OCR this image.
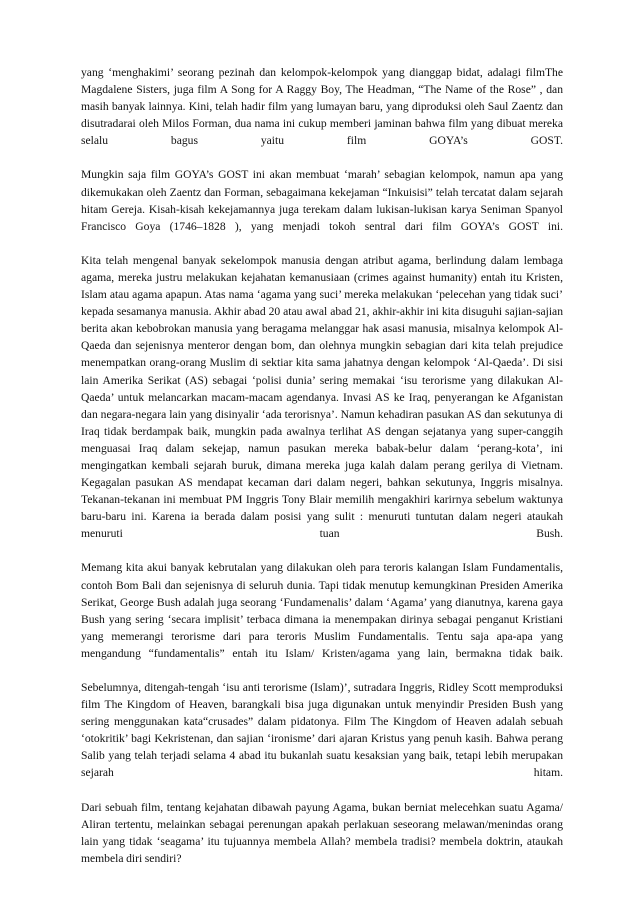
yang ‘menghakimi’ seorang pezinah dan kelompok-kelompok yang dianggap bidat, adalagi filmThe Magdalene Sisters, juga film A Song for A Raggy Boy, The Headman, “The Name of the Rose” , dan masih banyak lainnya. Kini, telah hadir film yang lumayan baru, yang diproduksi oleh Saul Zaentz dan disutradarai oleh Milos Forman, dua nama ini cukup memberi jaminan bahwa film yang dibuat mereka selalu bagus yaitu film GOYA’s GOST.

Mungkin saja film GOYA’s GOST ini akan membuat ‘marah’ sebagian kelompok, namun apa yang dikemukakan oleh Zaentz dan Forman, sebagaimana kekejaman “Inkuisisi” telah tercatat dalam sejarah hitam Gereja. Kisah-kisah kekejamannya juga terekam dalam lukisan-lukisan karya Seniman Spanyol Francisco Goya (1746–1828 ), yang menjadi tokoh sentral dari film GOYA’s GOST ini.

Kita telah mengenal banyak sekelompok manusia dengan atribut agama, berlindung dalam lembaga agama, mereka justru melakukan kejahatan kemanusiaan (crimes against humanity) entah itu Kristen, Islam atau agama apapun. Atas nama ‘agama yang suci’ mereka melakukan ‘pelecehan yang tidak suci’ kepada sesamanya manusia. Akhir abad 20 atau awal abad 21, akhir-akhir ini kita disuguhi sajian-sajian berita akan kebobrokan manusia yang beragama melanggar hak asasi manusia, misalnya kelompok Al-Qaeda dan sejenisnya menteror dengan bom, dan olehnya mungkin sebagian dari kita telah prejudice menempatkan orang-orang Muslim di sektiar kita sama jahatnya dengan kelompok ‘Al-Qaeda’. Di sisi lain Amerika Serikat (AS) sebagai ‘polisi dunia’ sering memakai ‘isu terorisme yang dilakukan Al-Qaeda’ untuk melancarkan macam-macam agendanya. Invasi AS ke Iraq, penyerangan ke Afganistan dan negara-negara lain yang disinyalir ‘ada terorisnya’. Namun kehadiran pasukan AS dan sekutunya di Iraq tidak berdampak baik, mungkin pada awalnya terlihat AS dengan sejatanya yang super-canggih menguasai Iraq dalam sekejap, namun pasukan mereka babak-belur dalam ‘perang-kota’, ini mengingatkan kembali sejarah buruk, dimana mereka juga kalah dalam perang gerilya di Vietnam. Kegagalan pasukan AS mendapat kecaman dari dalam negeri, bahkan sekutunya, Inggris misalnya. Tekanan-tekanan ini membuat PM Inggris Tony Blair memilih mengakhiri karirnya sebelum waktunya baru-baru ini. Karena ia berada dalam posisi yang sulit : menuruti tuntutan dalam negeri ataukah menuruti tuan Bush.

Memang kita akui banyak kebrutalan yang dilakukan oleh para teroris kalangan Islam Fundamentalis, contoh Bom Bali dan sejenisnya di seluruh dunia. Tapi tidak menutup kemungkinan Presiden Amerika Serikat, George Bush adalah juga seorang ‘Fundamenalis’ dalam ‘Agama’ yang dianutnya, karena gaya Bush yang sering ‘secara implisit’ terbaca dimana ia menempakan dirinya sebagai penganut Kristiani yang memerangi terorisme dari para teroris Muslim Fundamentalis. Tentu saja apa-apa yang mengandung “fundamentalis” entah itu Islam/ Kristen/agama yang lain, bermakna tidak baik.

Sebelumnya, ditengah-tengah ‘isu anti terorisme (Islam)’, sutradara Inggris, Ridley Scott memproduksi film The Kingdom of Heaven, barangkali bisa juga digunakan untuk menyindir Presiden Bush yang sering menggunakan kata“crusades” dalam pidatonya. Film The Kingdom of Heaven adalah sebuah ‘otokritik’ bagi Kekristenan, dan sajian ‘ironisme’ dari ajaran Kristus yang penuh kasih. Bahwa perang Salib yang telah terjadi selama 4 abad itu bukanlah suatu kesaksian yang baik, tetapi lebih merupakan sejarah hitam.

Dari sebuah film, tentang kejahatan dibawah payung Agama, bukan berniat melecehkan suatu Agama/ Aliran tertentu, melainkan sebagai perenungan apakah perlakuan seseorang melawan/menindas orang lain yang tidak ‘seagama’ itu tujuannya membela Allah? membela tradisi? membela doktrin, ataukah membela diri sendiri?
